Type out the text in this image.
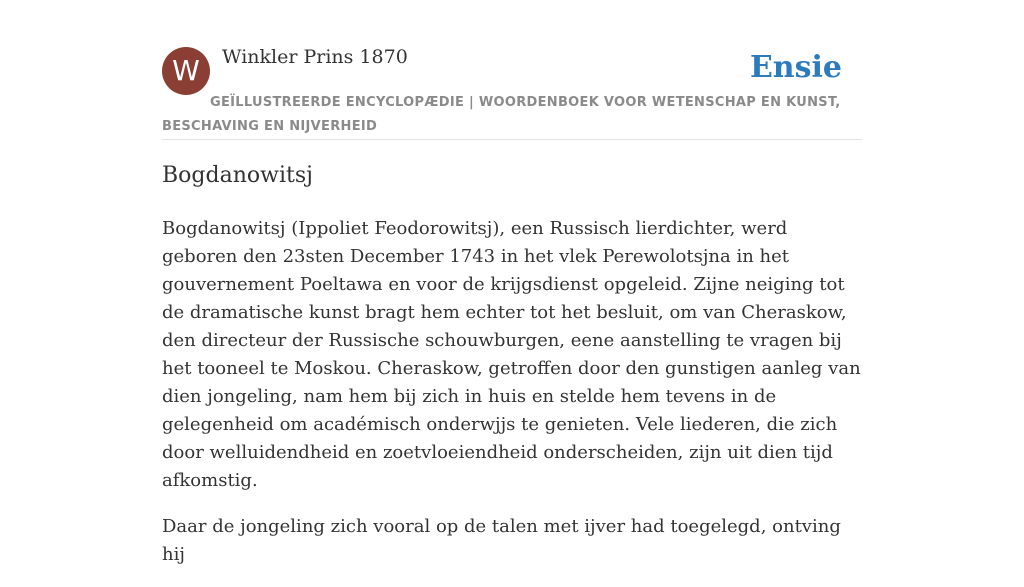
W	Winkler Prins 1870	Ensie
GEÏLLUSTREERDE ENCYCLOPÆDIE | WOORDENBOEK VOOR WETENSCHAP EN KUNST, BESCHAVING EN NIJVERHEID
Bogdanowitsj

Bogdanowitsj (Ippoliet Feodorowitsj), een Russisch lierdichter, werd geboren den 23sten December 1743 in het vlek Perewolotsjna in het gouvernement Poeltawa en voor de krijgsdienst opgeleid. Zijne neiging tot de dramatische kunst bragt hem echter tot het besluit, om van Cheraskow, den directeur der Russische schouwburgen, eene aanstelling te vragen bij het tooneel te Moskou. Cheraskow, getroffen door den gunstigen aanleg van dien jongeling, nam hem bij zich in huis en stelde hem tevens in de gelegenheid om académisch onderwjjs te genieten. Vele liederen, die zich door welluidendheid en zoetvloeiendheid onderscheiden, zijn uit dien tijd afkomstig.

Daar de jongeling zich vooral op de talen met ijver had toegelegd, ontving hij
